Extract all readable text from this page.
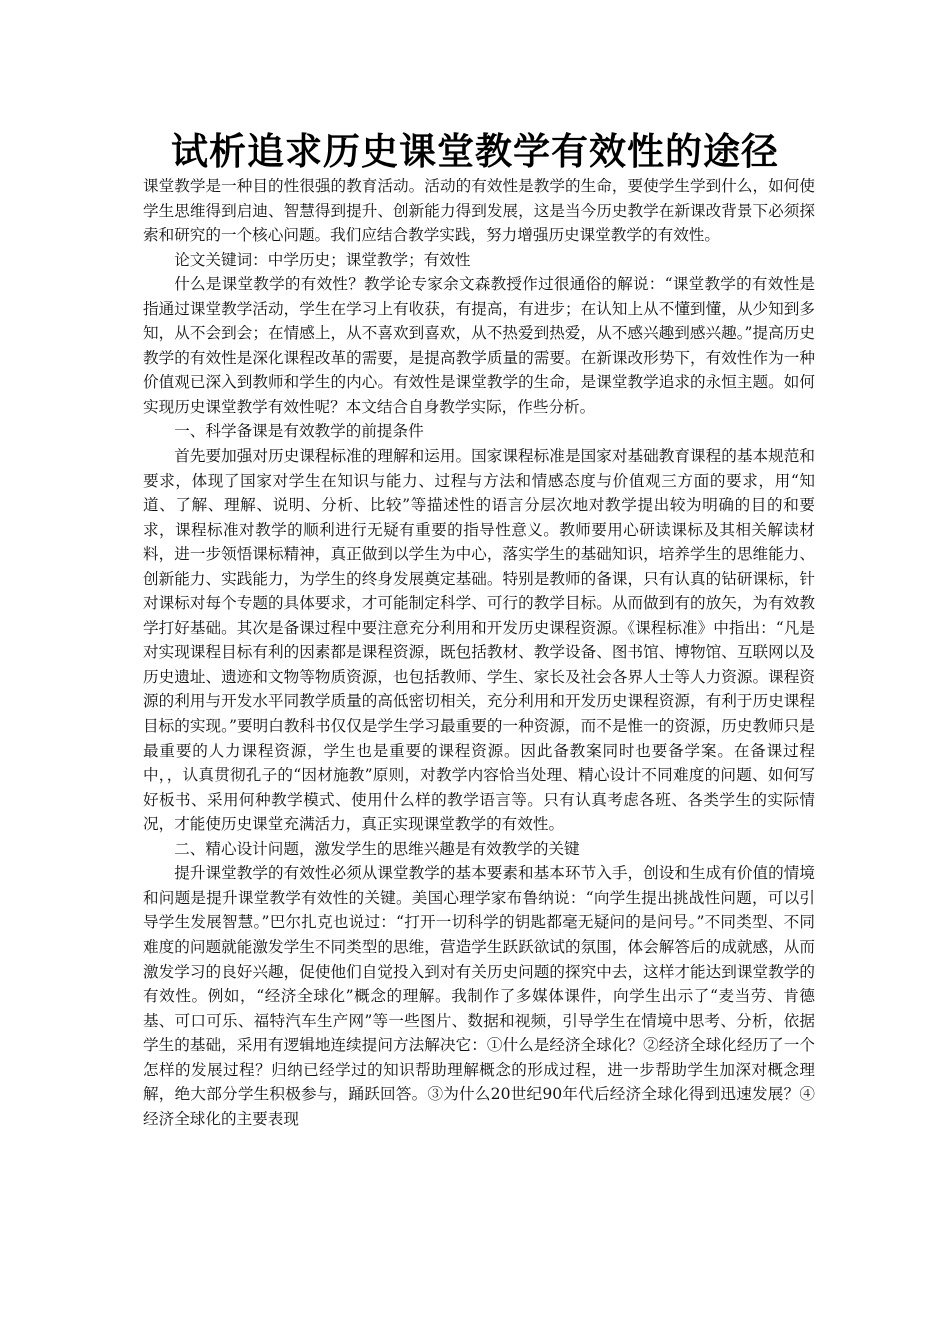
试析追求历史课堂教学有效性的途径

课堂教学是一种目的性很强的教育活动。活动的有效性是教学的生命，要使学生学到什么，如何使学生思维得到启迪、智慧得到提升、创新能力得到发展，这是当今历史教学在新课改背景下必须探索和研究的一个核心问题。我们应结合教学实践，努力增强历史课堂教学的有效性。

论文关键词：中学历史；课堂教学；有效性

什么是课堂教学的有效性？教学论专家余文森教授作过很通俗的解说：“课堂教学的有效性是指通过课堂教学活动，学生在学习上有收获，有提高，有进步；在认知上从不懂到懂，从少知到多知，从不会到会；在情感上，从不喜欢到喜欢，从不热爱到热爱，从不感兴趣到感兴趣。”提高历史教学的有效性是深化课程改革的需要，是提高教学质量的需要。在新课改形势下，有效性作为一种价值观已深入到教师和学生的内心。有效性是课堂教学的生命，是课堂教学追求的永恒主题。如何实现历史课堂教学有效性呢？本文结合自身教学实际，作些分析。

一、科学备课是有效教学的前提条件

首先要加强对历史课程标准的理解和运用。国家课程标准是国家对基础教育课程的基本规范和要求，体现了国家对学生在知识与能力、过程与方法和情感态度与价值观三方面的要求，用“知道、了解、理解、说明、分析、比较”等描述性的语言分层次地对教学提出较为明确的目的和要求，课程标准对教学的顺利进行无疑有重要的指导性意义。教师要用心研读课标及其相关解读材料，进一步领悟课标精神，真正做到以学生为中心，落实学生的基础知识，培养学生的思维能力、创新能力、实践能力，为学生的终身发展奠定基础。特别是教师的备课，只有认真的钻研课标，针对课标对每个专题的具体要求，才可能制定科学、可行的教学目标。从而做到有的放矢，为有效教学打好基础。其次是备课过程中要注意充分利用和开发历史课程资源。《课程标准》中指出：“凡是对实现课程目标有利的因素都是课程资源，既包括教材、教学设备、图书馆、博物馆、互联网以及历史遗址、遗迹和文物等物质资源，也包括教师、学生、家长及社会各界人士等人力资源。课程资源的利用与开发水平同教学质量的高低密切相关，充分利用和开发历史课程资源，有利于历史课程目标的实现。”要明白教科书仅仅是学生学习最重要的一种资源，而不是惟一的资源，历史教师只是最重要的人力课程资源，学生也是重要的课程资源。因此备教案同时也要备学案。在备课过程中，，认真贯彻孔子的“因材施教”原则，对教学内容恰当处理、精心设计不同难度的问题、如何写好板书、采用何种教学模式、使用什么样的教学语言等。只有认真考虑各班、各类学生的实际情况，才能使历史课堂充满活力，真正实现课堂教学的有效性。

二、精心设计问题，激发学生的思维兴趣是有效教学的关键

提升课堂教学的有效性必须从课堂教学的基本要素和基本环节入手，创设和生成有价值的情境和问题是提升课堂教学有效性的关键。美国心理学家布鲁纳说：“向学生提出挑战性问题，可以引导学生发展智慧。”巴尔扎克也说过：“打开一切科学的钥匙都毫无疑问的是问号。”不同类型、不同难度的问题就能激发学生不同类型的思维，营造学生跃跃欲试的氛围，体会解答后的成就感，从而激发学习的良好兴趣，促使他们自觉投入到对有关历史问题的探究中去，这样才能达到课堂教学的有效性。例如，“经济全球化”概念的理解。我制作了多媒体课件，向学生出示了“麦当劳、肯德基、可口可乐、福特汽车生产网”等一些图片、数据和视频，引导学生在情境中思考、分析，依据学生的基础，采用有逻辑地连续提问方法解决它：①什么是经济全球化？②经济全球化经历了一个怎样的发展过程？归纳已经学过的知识帮助理解概念的形成过程，进一步帮助学生加深对概念理解，绝大部分学生积极参与，踊跃回答。③为什么20世纪90年代后经济全球化得到迅速发展？④经济全球化的主要表现
